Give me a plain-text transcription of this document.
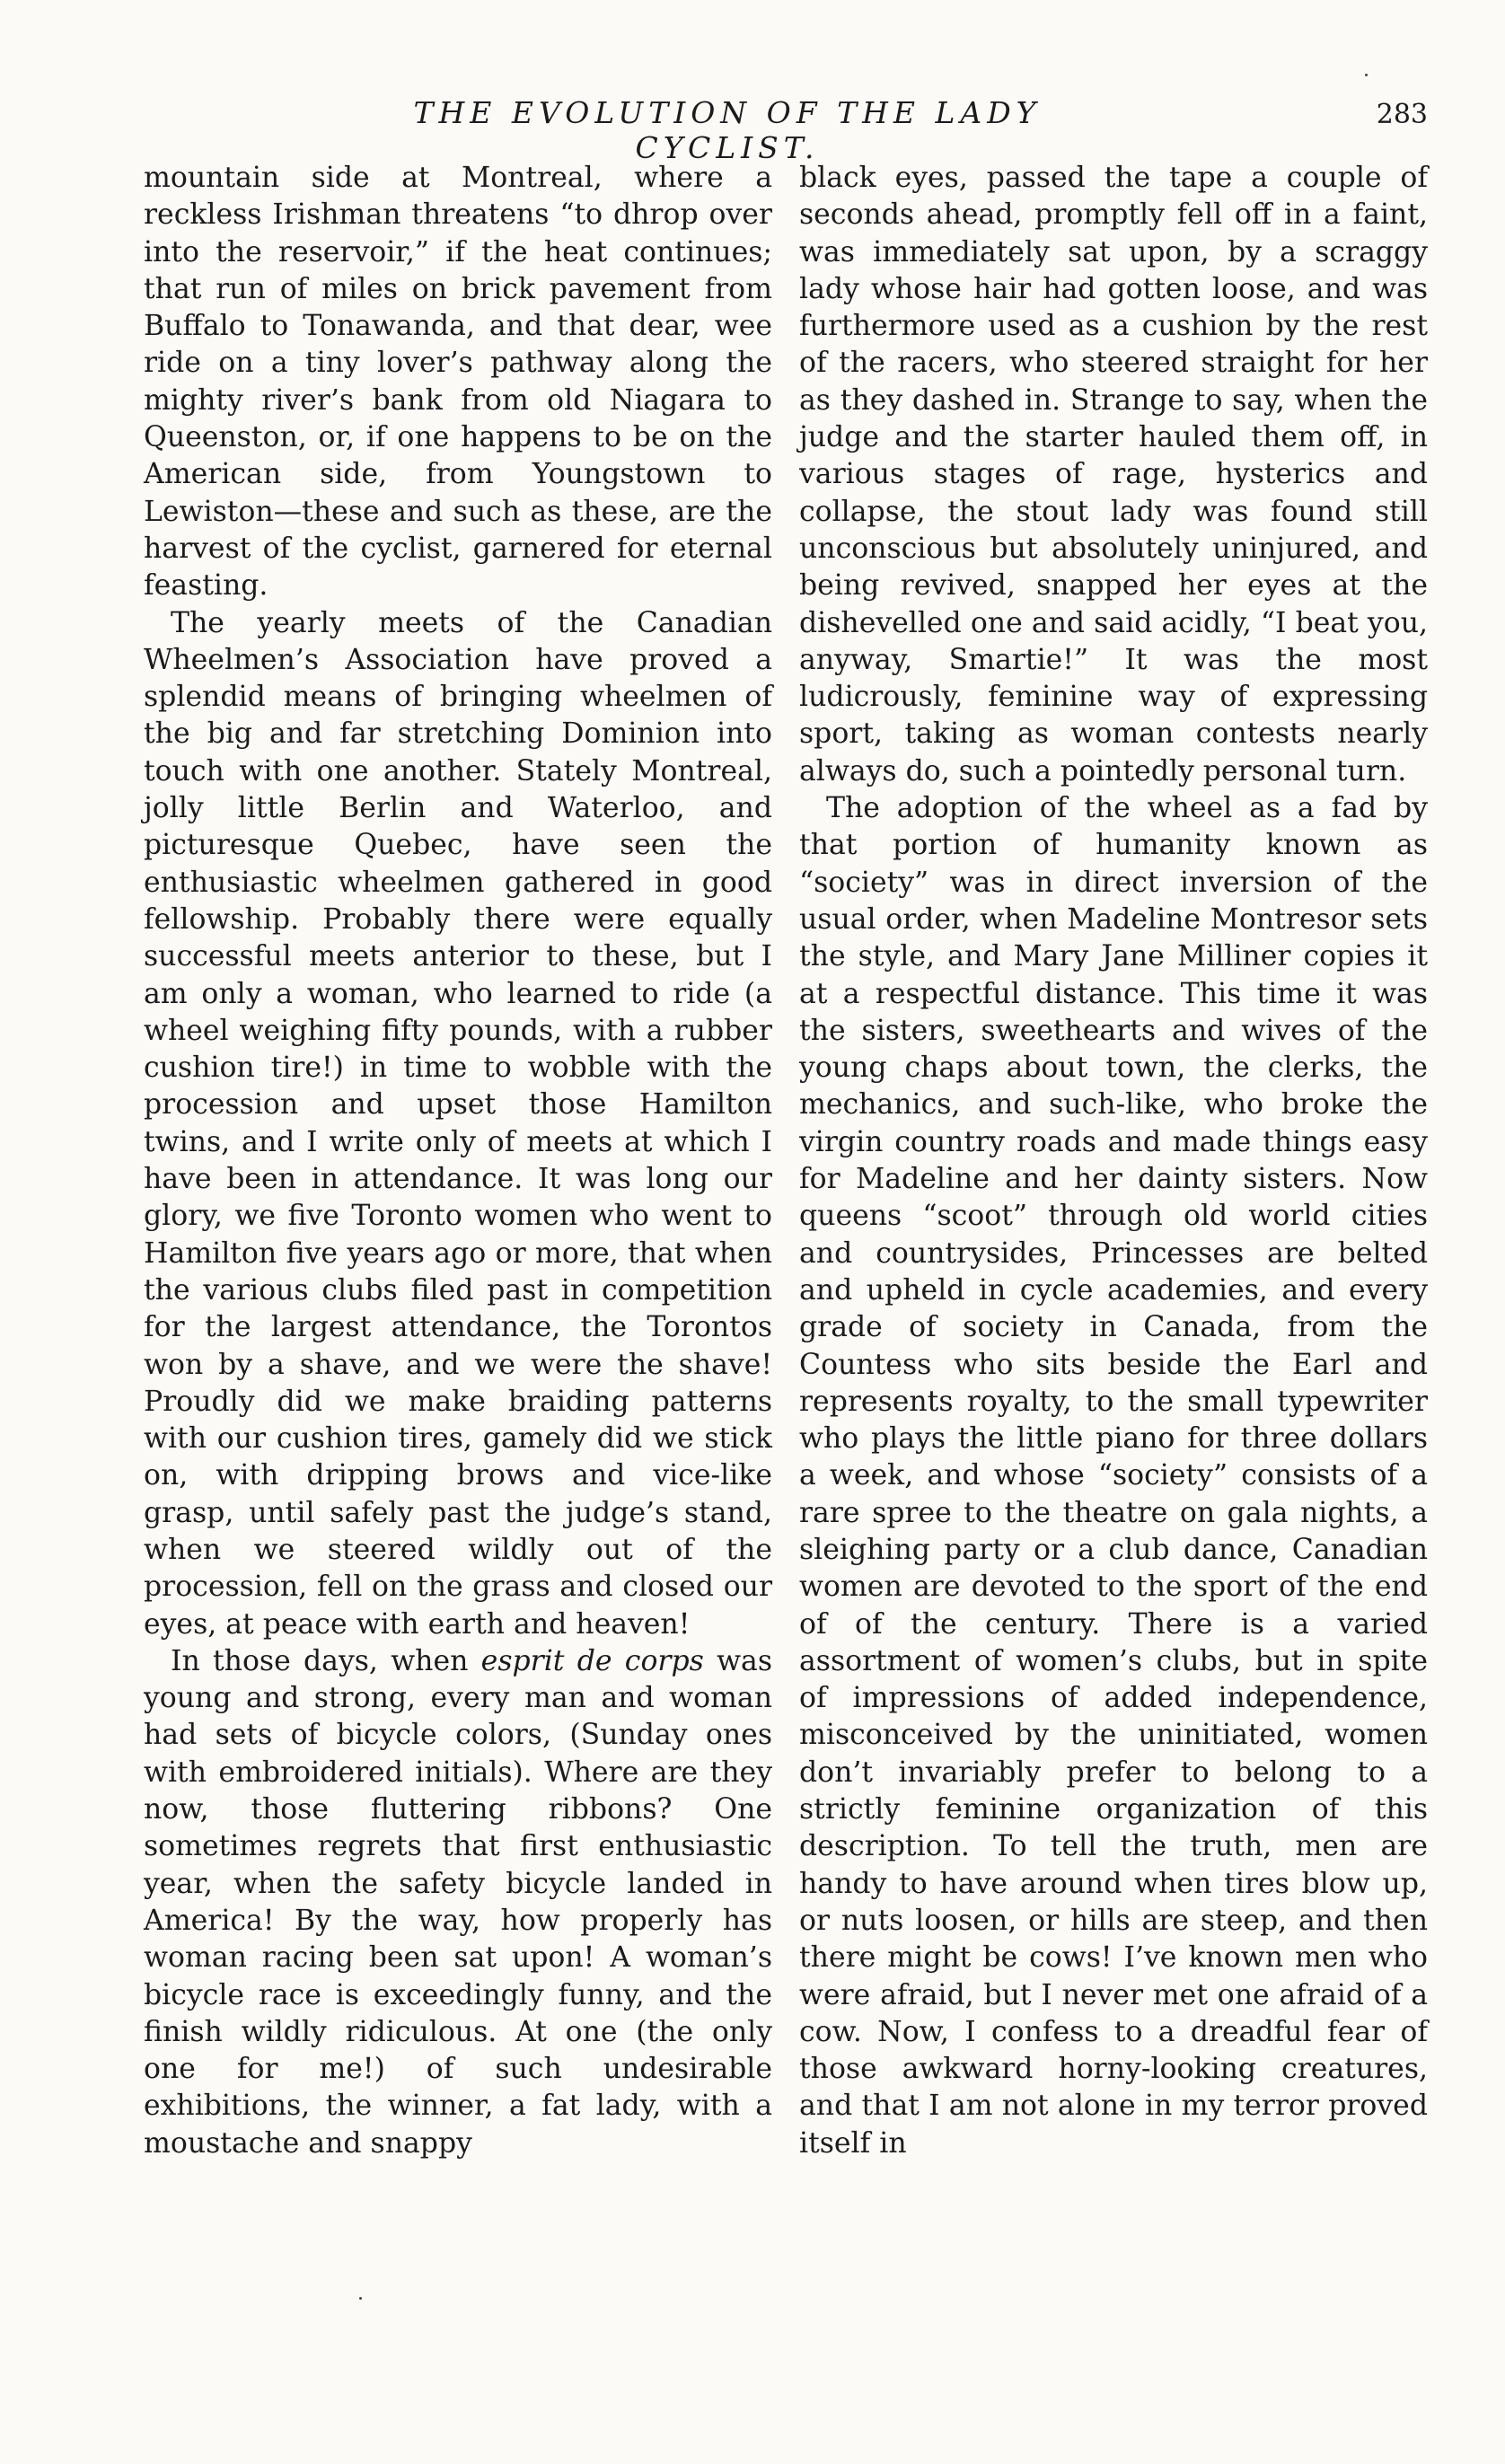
THE EVOLUTION OF THE LADY CYCLIST.
283

mountain side at Montreal, where a reckless Irishman threatens “to dhrop over into the reservoir,” if the heat continues; that run of miles on brick pavement from Buffalo to Tonawanda, and that dear, wee ride on a tiny lover’s pathway along the mighty river’s bank from old Niagara to Queenston, or, if one happens to be on the American side, from Youngstown to Lewiston—these and such as these, are the harvest of the cyclist, garnered for eternal feasting.

The yearly meets of the Canadian Wheelmen’s Association have proved a splendid means of bringing wheelmen of the big and far stretching Dominion into touch with one another. Stately Montreal, jolly little Berlin and Waterloo, and picturesque Quebec, have seen the enthusiastic wheelmen gathered in good fellowship. Probably there were equally successful meets anterior to these, but I am only a woman, who learned to ride (a wheel weighing fifty pounds, with a rubber cushion tire!) in time to wobble with the procession and upset those Hamilton twins, and I write only of meets at which I have been in attendance. It was long our glory, we five Toronto women who went to Hamilton five years ago or more, that when the various clubs filed past in competition for the largest attendance, the Torontos won by a shave, and we were the shave! Proudly did we make braiding patterns with our cushion tires, gamely did we stick on, with dripping brows and vice-like grasp, until safely past the judge’s stand, when we steered wildly out of the procession, fell on the grass and closed our eyes, at peace with earth and heaven!

In those days, when esprit de corps was young and strong, every man and woman had sets of bicycle colors, (Sunday ones with embroidered initials). Where are they now, those fluttering ribbons? One sometimes regrets that first enthusiastic year, when the safety bicycle landed in America! By the way, how properly has woman racing been sat upon! A woman’s bicycle race is exceedingly funny, and the finish wildly ridiculous. At one (the only one for me!) of such undesirable exhibitions, the winner, a fat lady, with a moustache and snappy

black eyes, passed the tape a couple of seconds ahead, promptly fell off in a faint, was immediately sat upon, by a scraggy lady whose hair had gotten loose, and was furthermore used as a cushion by the rest of the racers, who steered straight for her as they dashed in. Strange to say, when the judge and the starter hauled them off, in various stages of rage, hysterics and collapse, the stout lady was found still unconscious but absolutely uninjured, and being revived, snapped her eyes at the dishevelled one and said acidly, “I beat you, anyway, Smartie!” It was the most ludicrously, feminine way of expressing sport, taking as woman contests nearly always do, such a pointedly personal turn.

The adoption of the wheel as a fad by that portion of humanity known as “society” was in direct inversion of the usual order, when Madeline Montresor sets the style, and Mary Jane Milliner copies it at a respectful distance. This time it was the sisters, sweethearts and wives of the young chaps about town, the clerks, the mechanics, and such-like, who broke the virgin country roads and made things easy for Madeline and her dainty sisters. Now queens “scoot” through old world cities and countrysides, Princesses are belted and upheld in cycle academies, and every grade of society in Canada, from the Countess who sits beside the Earl and represents royalty, to the small typewriter who plays the little piano for three dollars a week, and whose “society” consists of a rare spree to the theatre on gala nights, a sleighing party or a club dance, Canadian women are devoted to the sport of the end of of the century. There is a varied assortment of women’s clubs, but in spite of impressions of added independence, misconceived by the uninitiated, women don’t invariably prefer to belong to a strictly feminine organization of this description. To tell the truth, men are handy to have around when tires blow up, or nuts loosen, or hills are steep, and then there might be cows! I’ve known men who were afraid, but I never met one afraid of a cow. Now, I confess to a dreadful fear of those awkward horny-looking creatures, and that I am not alone in my terror proved itself in
